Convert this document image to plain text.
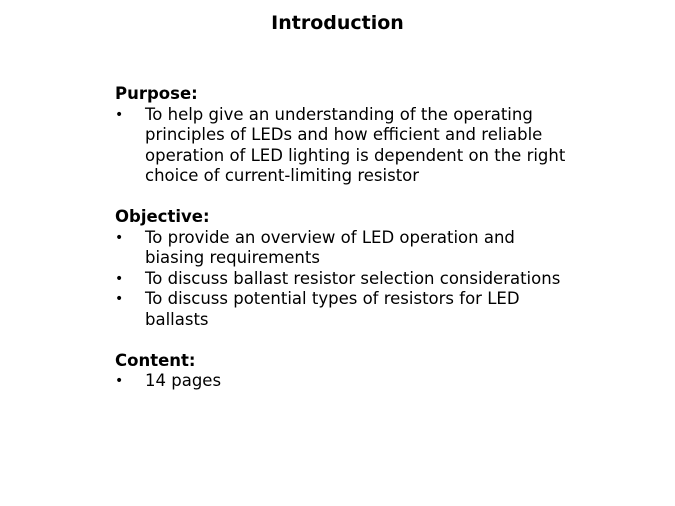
Introduction
Purpose:
• To help give an understanding of the operating principles of LEDs and how efficient and reliable operation of LED lighting is dependent on the right choice of current-limiting resistor
Objective:
• To provide an overview of LED operation and biasing requirements
• To discuss ballast resistor selection considerations
• To discuss potential types of resistors for LED ballasts
Content:
• 14 pages
